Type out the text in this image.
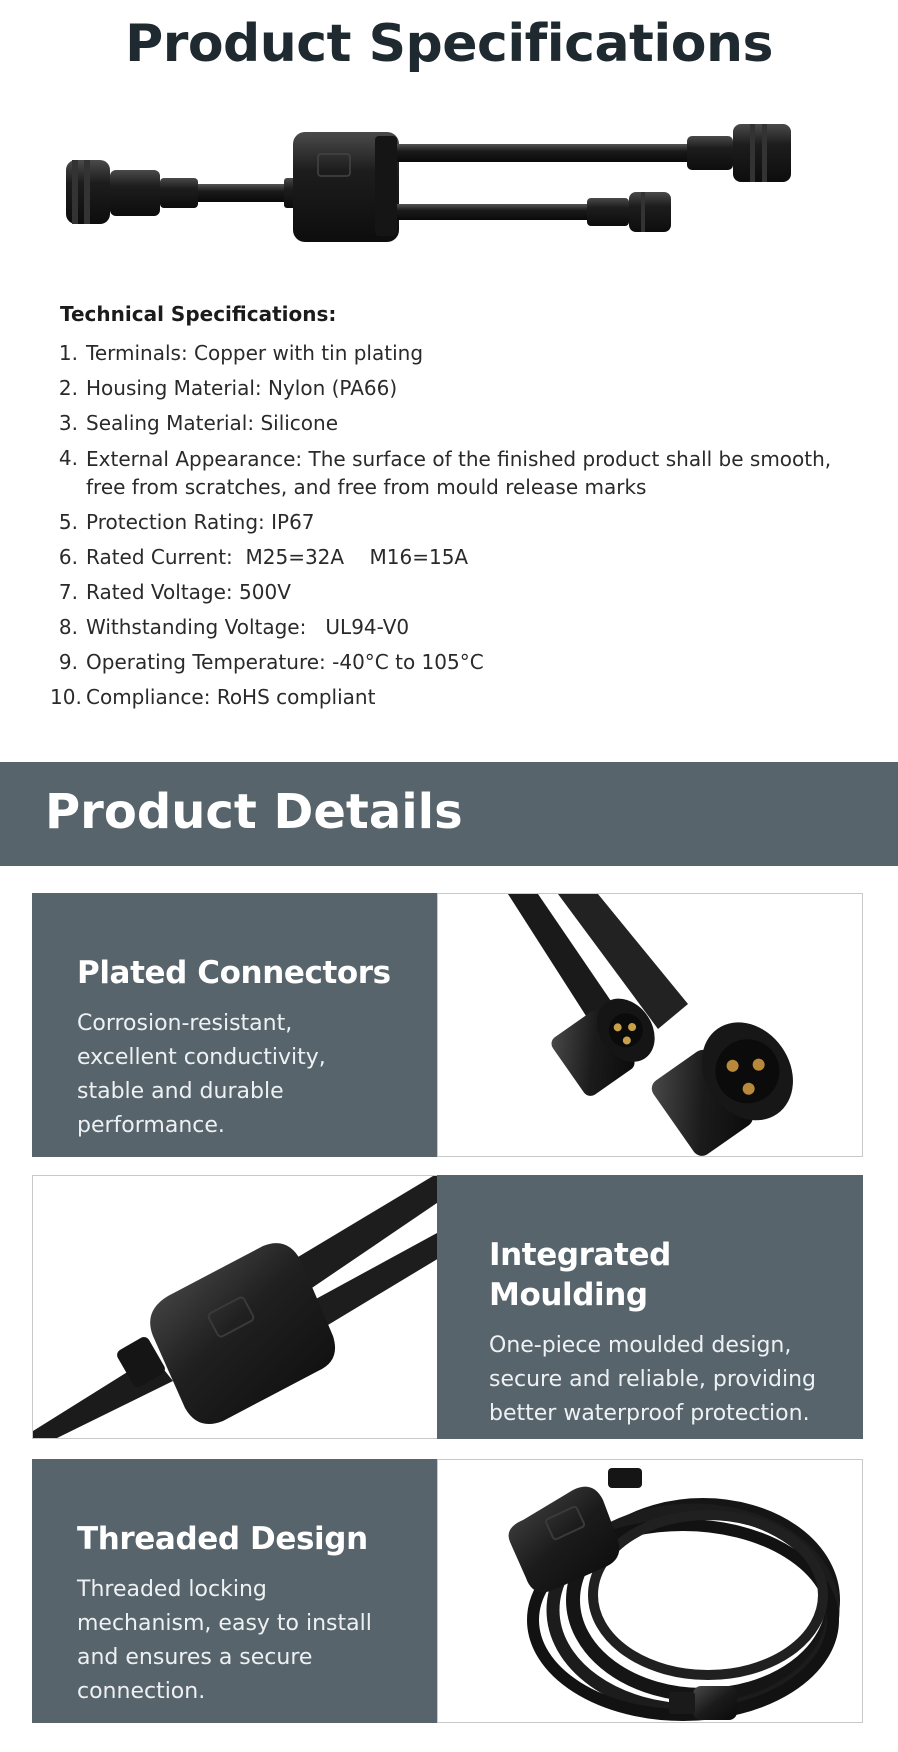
Product Specifications
Technical Specifications:
1. Terminals: Copper with tin plating
2. Housing Material: Nylon (PA66)
3. Sealing Material: Silicone
4. External Appearance: The surface of the finished product shall be smooth, free from scratches, and free from mould release marks
5. Protection Rating: IP67
6. Rated Current:  M25=32A    M16=15A
7. Rated Voltage: 500V
8. Withstanding Voltage:   UL94-V0
9. Operating Temperature: -40°C to 105°C
10. Compliance: RoHS compliant
Product Details
Plated Connectors
Corrosion-resistant, excellent conductivity, stable and durable performance.
Integrated Moulding
One-piece moulded design, secure and reliable, providing better waterproof protection.
Threaded Design
Threaded locking mechanism, easy to install and ensures a secure connection.
